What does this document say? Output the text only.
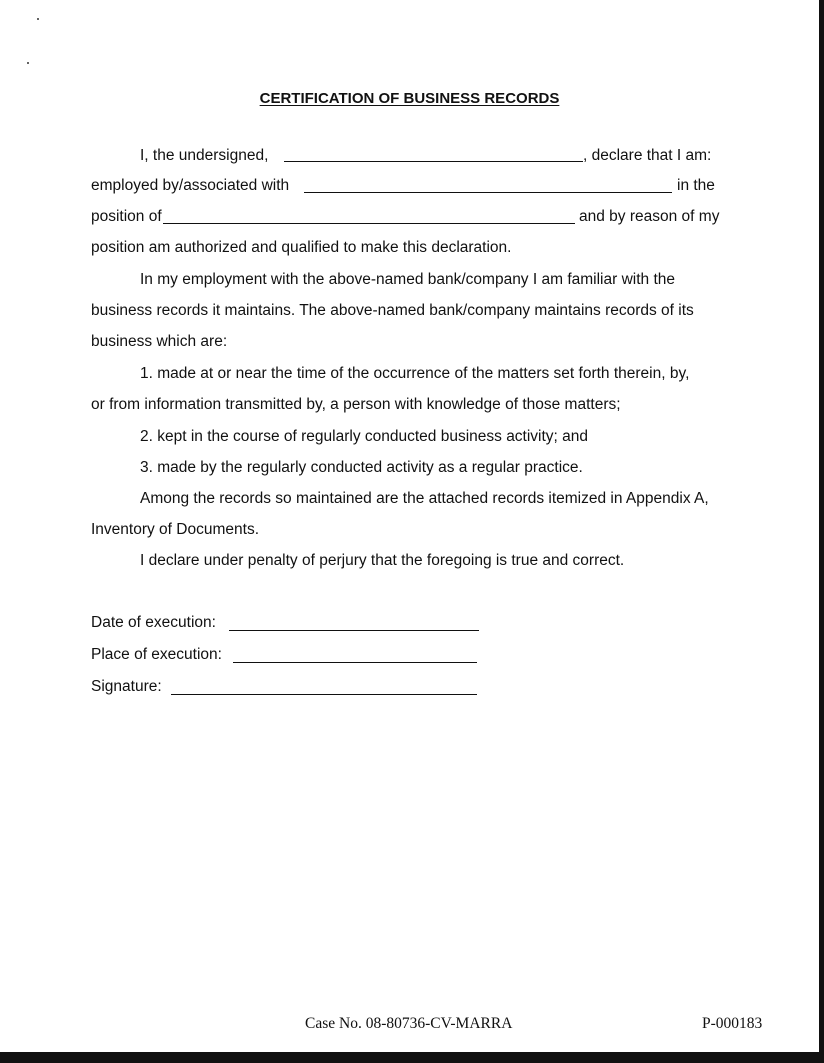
CERTIFICATION OF BUSINESS RECORDS
I, the undersigned,	, declare that I am:
employed by/associated with	in the
position of	and by reason of my
position am authorized and qualified to make this declaration.
In my employment with the above-named bank/company I am familiar with the
business records it maintains. The above-named bank/company maintains records of its
business which are:
1. made at or near the time of the occurrence of the matters set forth therein, by,
or from information transmitted by, a person with knowledge of those matters;
2. kept in the course of regularly conducted business activity; and
3. made by the regularly conducted activity as a regular practice.
Among the records so maintained are the attached records itemized in Appendix A,
Inventory of Documents.
I declare under penalty of perjury that the foregoing is true and correct.
Date of execution:
Place of execution:
Signature:
Case No. 08-80736-CV-MARRA	P-000183
